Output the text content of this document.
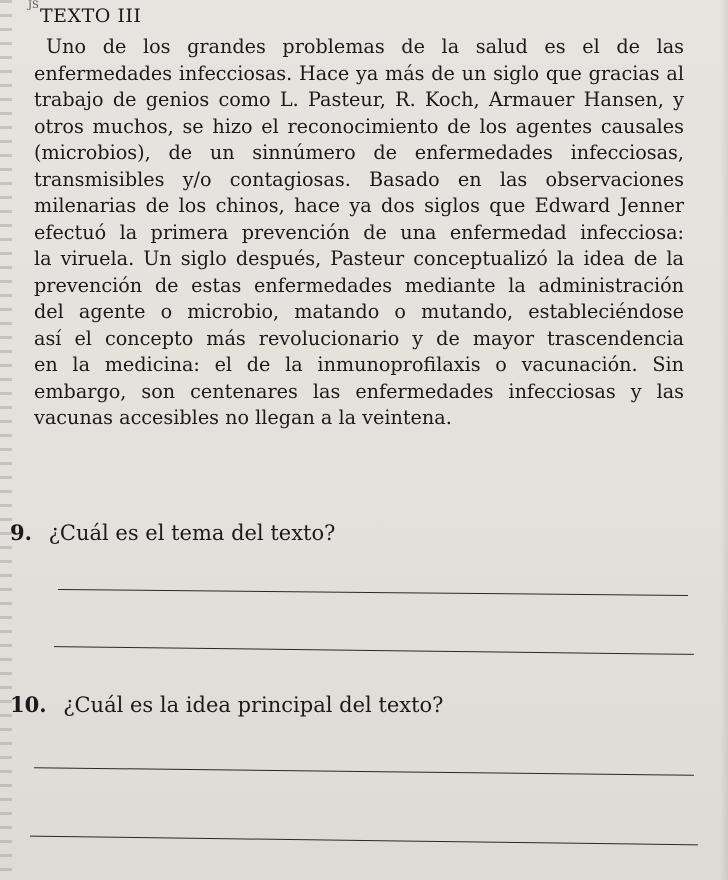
JS TEXTO III
Uno de los grandes problemas de la salud es el de las
enfermedades infecciosas. Hace ya más de un siglo que gracias al
trabajo de genios como L. Pasteur, R. Koch, Armauer Hansen, y
otros muchos, se hizo el reconocimiento de los agentes causales
(microbios), de un sinnúmero de enfermedades infecciosas,
transmisibles y/o contagiosas. Basado en las observaciones
milenarias de los chinos, hace ya dos siglos que Edward Jenner
efectuó la primera prevención de una enfermedad infecciosa:
la viruela. Un siglo después, Pasteur conceptualizó la idea de la
prevención de estas enfermedades mediante la administración
del agente o microbio, matando o mutando, estableciéndose
así el concepto más revolucionario y de mayor trascendencia
en la medicina: el de la inmunoprofilaxis o vacunación. Sin
embargo, son centenares las enfermedades infecciosas y las
vacunas accesibles no llegan a la veintena.
9. ¿Cuál es el tema del texto?
10. ¿Cuál es la idea principal del texto?
